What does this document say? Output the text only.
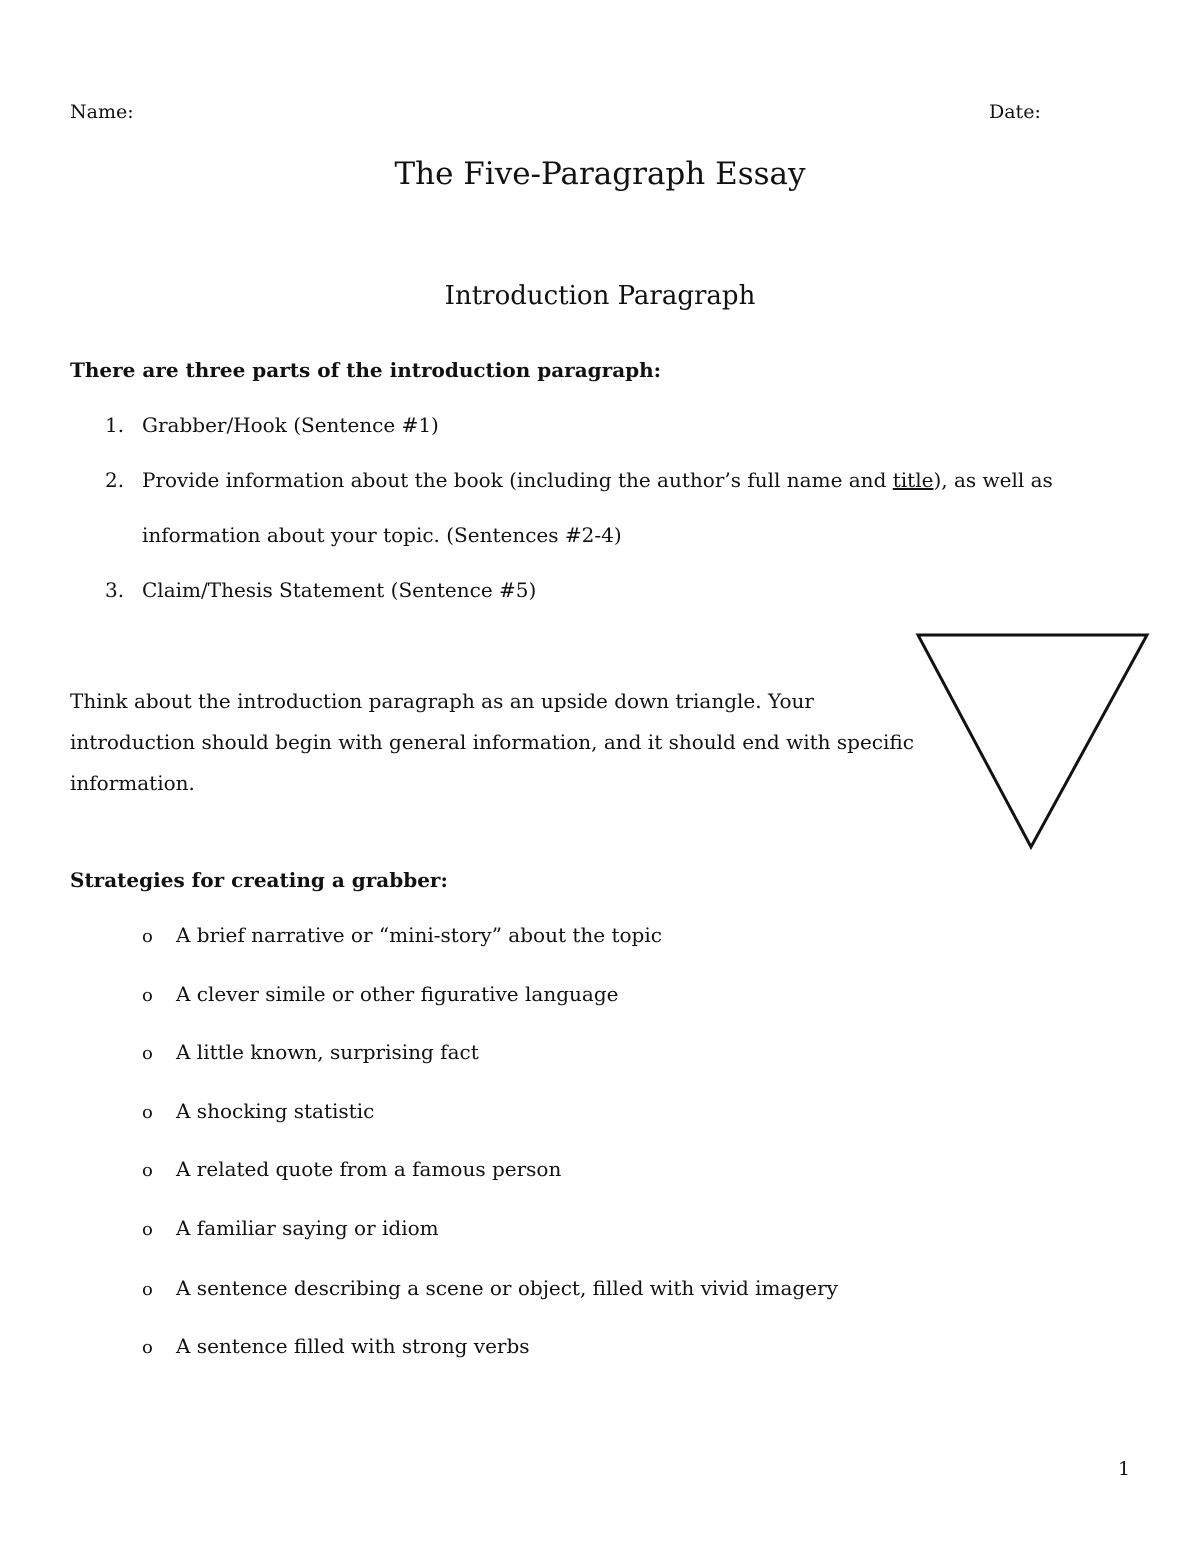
Name:	Date:

The Five-Paragraph Essay
Introduction Paragraph

There are three parts of the introduction paragraph:

1. Grabber/Hook (Sentence #1)
2. Provide information about the book (including the author’s full name and title), as well as
information about your topic. (Sentences #2-4)
3. Claim/Thesis Statement (Sentence #5)
Think about the introduction paragraph as an upside down triangle. Your
introduction should begin with general information, and it should end with specific
information.

Strategies for creating a grabber:

o A brief narrative or “mini-story” about the topic
o A clever simile or other figurative language
o A little known, surprising fact
o A shocking statistic
o A related quote from a famous person
o A familiar saying or idiom
o A sentence describing a scene or object, filled with vivid imagery
o A sentence filled with strong verbs

1
